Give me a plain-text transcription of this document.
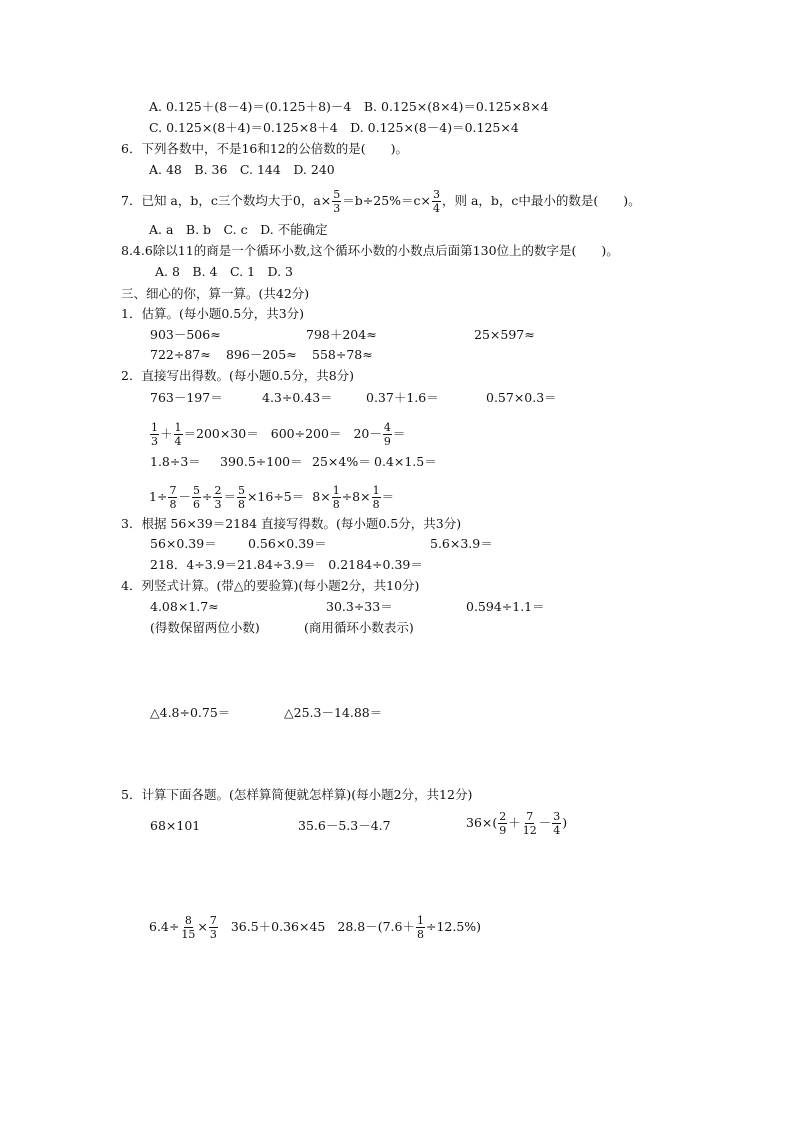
A. 0.125＋(8－4)＝(0.125＋8)－4　B. 0.125×(8×4)＝0.125×8×4
C. 0.125×(8＋4)＝0.125×8＋4　D. 0.125×(8－4)＝0.125×4
6．下列各数中，不是16和12的公倍数的是(　　)。
A. 48　B. 36　C. 144　D. 240
7．已知 a，b，c三个数均大于0，$a\times \frac{5}{3} =b\div 25\%=c\times \frac{3}{4}$ ，则 a，b，c中最小的数是(　　)。
A. a　B. b　C. c　D. 不能确定
8.4.6除以11的商是一个循环小数,这个循环小数的小数点后面第130位上的数字是(　　)。
A. 8　B. 4　C. 1　D. 3
三、细心的你，算一算。(共42分)
1．估算。(每小题0.5分，共3分)
903－506≈	798＋204≈	25×597≈
722÷87≈ 896－205≈ 558÷78≈
2．直接写出得数。(每小题0.5分，共8分)
763－197＝	4.3÷0.43＝	0.37＋1.6＝	0.57×0.3＝
$\frac{1}{3} + \frac{1}{4} =200\times 30= 600\div 200= 20- \frac{4}{9}$ ＝
1.8÷3＝ 390.5÷100＝ 25×4%＝ 0.4×1.5＝
$1\div \frac{7}{8} - \frac{5}{6} \div \frac{2}{3} = \frac{5}{8} \times 16\div 5= 8\times \frac{1}{8} \div 8\times \frac{1}{8}$ ＝
3．根据 56×39＝2184 直接写得数。(每小题0.5分，共3分)
56×0.39＝	0.56×0.39＝	5.6×3.9＝
218．4÷3.9＝21.84÷3.9＝　0.2184÷0.39＝
4．列竖式计算。(带△的要验算)(每小题2分，共10分)
4.08×1.7≈	30.3÷33＝	0.594÷1.1＝
(得数保留两位小数)	(商用循环小数表示)
△4.8÷0.75＝	△25.3－14.88＝
5．计算下面各题。(怎样算简便就怎样算)(每小题2分，共12分)
68×101	35.6－5.3－4.7	$36\times( \frac{2}{9} + \frac{7}{12} - \frac{3}{4}$ )
$6.4\div \frac{8}{15} \times \frac{7}{3} 36.5+0.36\times 45$ $28.8-(7.6+ \frac{1}{8} \div 12.5\%)$
